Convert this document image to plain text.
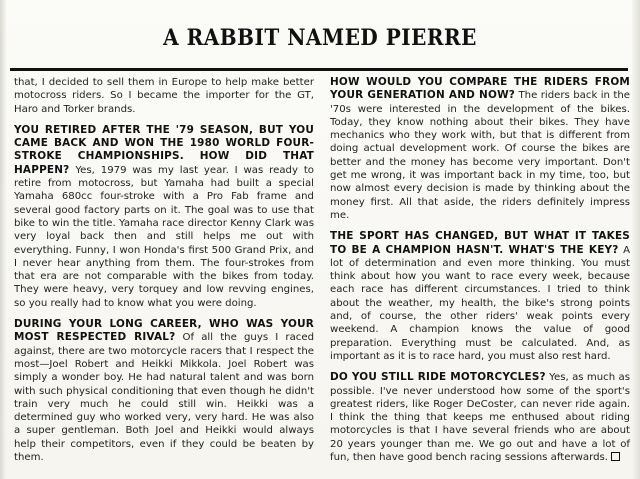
A RABBIT NAMED PIERRE

that, I decided to sell them in Europe to help make better motocross riders. So I became the importer for the GT, Haro and Torker brands.

YOU RETIRED AFTER THE '79 SEASON, BUT YOU CAME BACK AND WON THE 1980 WORLD FOUR-STROKE CHAMPIONSHIPS. HOW DID THAT HAPPEN? Yes, 1979 was my last year. I was ready to retire from motocross, but Yamaha had built a special Yamaha 680cc four-stroke with a Pro Fab frame and several good factory parts on it. The goal was to use that bike to win the title. Yamaha race director Kenny Clark was very loyal back then and still helps me out with everything. Funny, I won Honda's first 500 Grand Prix, and I never hear anything from them. The four-strokes from that era are not comparable with the bikes from today. They were heavy, very torquey and low revving engines, so you really had to know what you were doing.

DURING YOUR LONG CAREER, WHO WAS YOUR MOST RESPECTED RIVAL? Of all the guys I raced against, there are two motorcycle racers that I respect the most—Joel Robert and Heikki Mikkola. Joel Robert was simply a wonder boy. He had natural talent and was born with such physical conditioning that even though he didn't train very much he could still win. Heikki was a determined guy who worked very, very hard. He was also a super gentleman. Both Joel and Heikki would always help their competitors, even if they could be beaten by them.

HOW WOULD YOU COMPARE THE RIDERS FROM YOUR GENERATION AND NOW? The riders back in the '70s were interested in the development of the bikes. Today, they know nothing about their bikes. They have mechanics who they work with, but that is different from doing actual development work. Of course the bikes are better and the money has become very important. Don't get me wrong, it was important back in my time, too, but now almost every decision is made by thinking about the money first. All that aside, the riders definitely impress me.

THE SPORT HAS CHANGED, BUT WHAT IT TAKES TO BE A CHAMPION HASN'T. WHAT'S THE KEY? A lot of determination and even more thinking. You must think about how you want to race every week, because each race has different circumstances. I tried to think about the weather, my health, the bike's strong points and, of course, the other riders' weak points every weekend. A champion knows the value of good preparation. Everything must be calculated. And, as important as it is to race hard, you must also rest hard.

DO YOU STILL RIDE MOTORCYCLES? Yes, as much as possible. I've never understood how some of the sport's greatest riders, like Roger DeCoster, can never ride again. I think the thing that keeps me enthused about riding motorcycles is that I have several friends who are about 20 years younger than me. We go out and have a lot of fun, then have good bench racing sessions afterwards.
